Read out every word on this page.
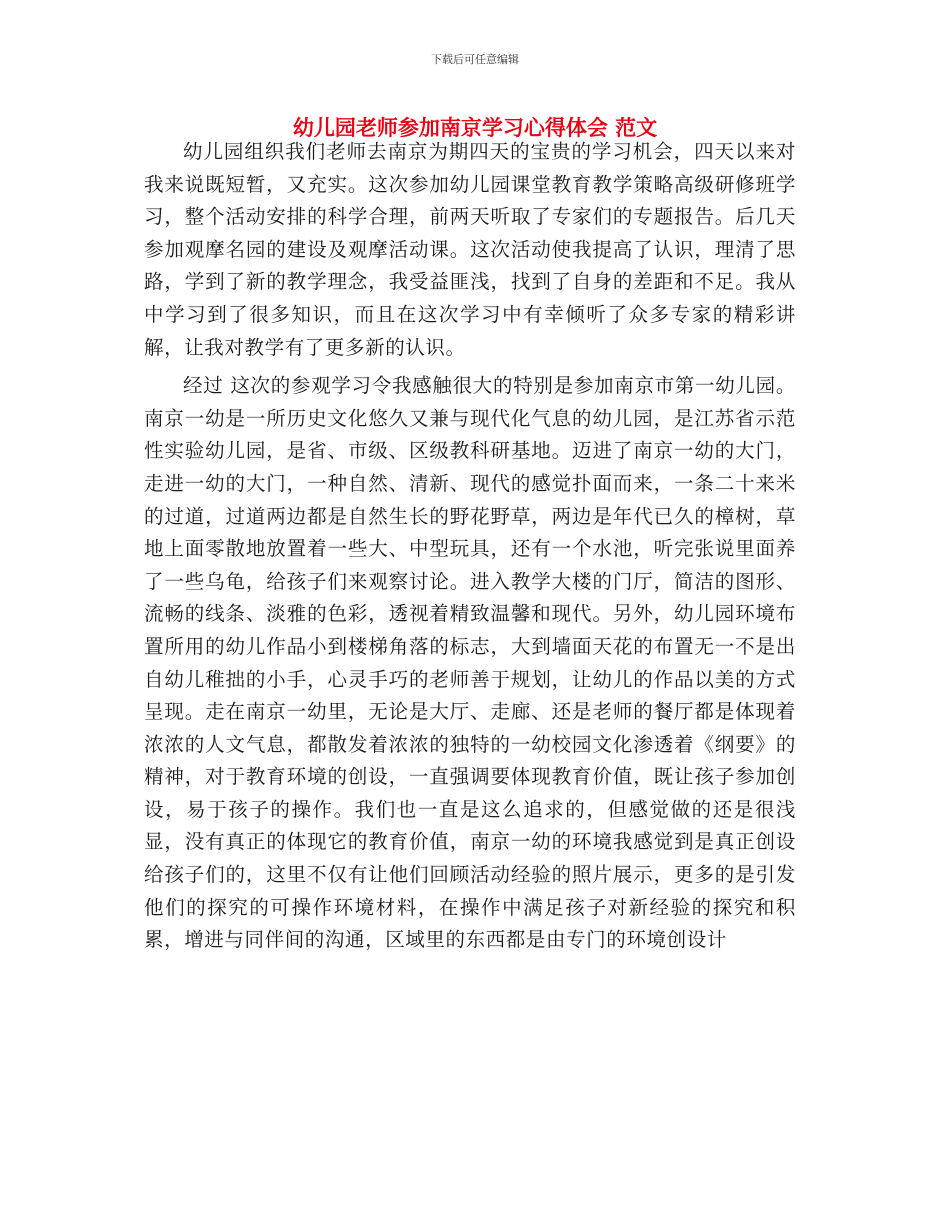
下载后可任意编辑
幼儿园老师参加南京学习心得体会 范文

幼儿园组织我们老师去南京为期四天的宝贵的学习机会，四天以来对我来说既短暂，又充实。这次参加幼儿园课堂教育教学策略高级研修班学习，整个活动安排的科学合理，前两天听取了专家们的专题报告。后几天参加观摩名园的建设及观摩活动课。这次活动使我提高了认识，理清了思路，学到了新的教学理念，我受益匪浅，找到了自身的差距和不足。我从中学习到了很多知识，而且在这次学习中有幸倾听了众多专家的精彩讲解，让我对教学有了更多新的认识。

经过 这次的参观学习令我感触很大的特别是参加南京市第一幼儿园。南京一幼是一所历史文化悠久又兼与现代化气息的幼儿园，是江苏省示范性实验幼儿园，是省、市级、区级教科研基地。迈进了南京一幼的大门，走进一幼的大门，一种自然、清新、现代的感觉扑面而来，一条二十来米的过道，过道两边都是自然生长的野花野草，两边是年代已久的樟树，草地上面零散地放置着一些大、中型玩具，还有一个水池，听完张说里面养了一些乌龟，给孩子们来观察讨论。进入教学大楼的门厅，简洁的图形、流畅的线条、淡雅的色彩，透视着精致温馨和现代。另外，幼儿园环境布置所用的幼儿作品小到楼梯角落的标志，大到墙面天花的布置无一不是出自幼儿稚拙的小手，心灵手巧的老师善于规划，让幼儿的作品以美的方式呈现。走在南京一幼里，无论是大厅、走廊、还是老师的餐厅都是体现着浓浓的人文气息，都散发着浓浓的独特的一幼校园文化渗透着《纲要》的精神，对于教育环境的创设，一直强调要体现教育价值，既让孩子参加创设，易于孩子的操作。我们也一直是这么追求的，但感觉做的还是很浅显，没有真正的体现它的教育价值，南京一幼的环境我感觉到是真正创设给孩子们的，这里不仅有让他们回顾活动经验的照片展示，更多的是引发他们的探究的可操作环境材料，在操作中满足孩子对新经验的探究和积累，增进与同伴间的沟通，区域里的东西都是由专门的环境创设计
